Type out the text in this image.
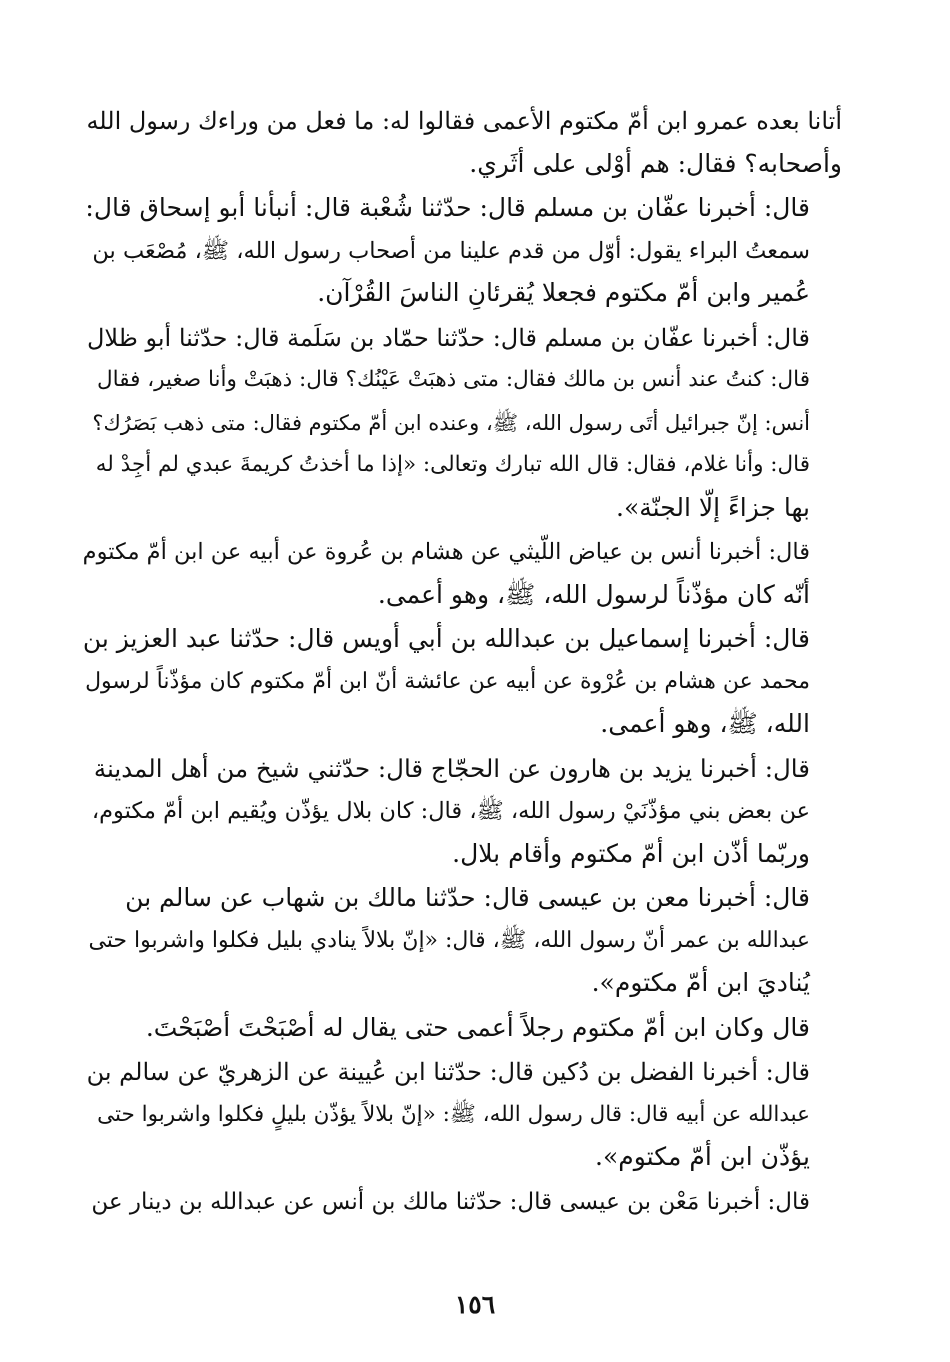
أتانا بعده عمرو ابن أمّ مكتوم الأعمى فقالوا له: ما فعل من وراءك رسول الله
وأصحابه؟ فقال: هم أوْلى على أثَري.

قال: أخبرنا عفّان بن مسلم قال: حدّثنا شُعْبة قال: أنبأنا أبو إسحاق قال:
سمعتُ البراء يقول: أوّل من قدم علينا من أصحاب رسول الله، ﷺ، مُصْعَب بن
عُمير وابن أمّ مكتوم فجعلا يُقرئانِ الناسَ القُرْآن.

قال: أخبرنا عفّان بن مسلم قال: حدّثنا حمّاد بن سَلَمة قال: حدّثنا أبو ظلال
قال: كنتُ عند أنس بن مالك فقال: متى ذهبَتْ عَيْنُك؟ قال: ذهبَتْ وأنا صغير، فقال
أنس: إنّ جبرائيل أتَى رسول الله، ﷺ، وعنده ابن أمّ مكتوم فقال: متى ذهب بَصَرُك؟
قال: وأنا غلام، فقال: قال الله تبارك وتعالى: «إذا ما أخذتُ كريمةَ عبدي لم أجِدْ له
بها جزاءً إلّا الجنّة».

قال: أخبرنا أنس بن عياض اللّيثي عن هشام بن عُروة عن أبيه عن ابن أمّ مكتوم
أنّه كان مؤذّناً لرسول الله، ﷺ، وهو أعمى.

قال: أخبرنا إسماعيل بن عبدالله بن أبي أويس قال: حدّثنا عبد العزيز بن
محمد عن هشام بن عُرْوة عن أبيه عن عائشة أنّ ابن أمّ مكتوم كان مؤذّناً لرسول
الله، ﷺ، وهو أعمى.

قال: أخبرنا يزيد بن هارون عن الحجّاج قال: حدّثني شيخ من أهل المدينة
عن بعض بني مؤذّنَيْ رسول الله، ﷺ، قال: كان بلال يؤذّن ويُقيم ابن أمّ مكتوم،
وربّما أذّن ابن أمّ مكتوم وأقام بلال.

قال: أخبرنا معن بن عيسى قال: حدّثنا مالك بن شهاب عن سالم بن
عبدالله بن عمر أنّ رسول الله، ﷺ، قال: «إنّ بلالاً ينادي بليل فكلوا واشربوا حتى
يُناديَ ابن أمّ مكتوم».

قال وكان ابن أمّ مكتوم رجلاً أعمى حتى يقال له أصْبَحْتَ أصْبَحْتَ.

قال: أخبرنا الفضل بن دُكين قال: حدّثنا ابن عُيينة عن الزهريّ عن سالم بن
عبدالله عن أبيه قال: قال رسول الله، ﷺ: «إنّ بلالاً يؤذّن بليلٍ فكلوا واشربوا حتى
يؤذّن ابن أمّ مكتوم».

قال: أخبرنا مَعْن بن عيسى قال: حدّثنا مالك بن أنس عن عبدالله بن دينار عن

١٥٦
